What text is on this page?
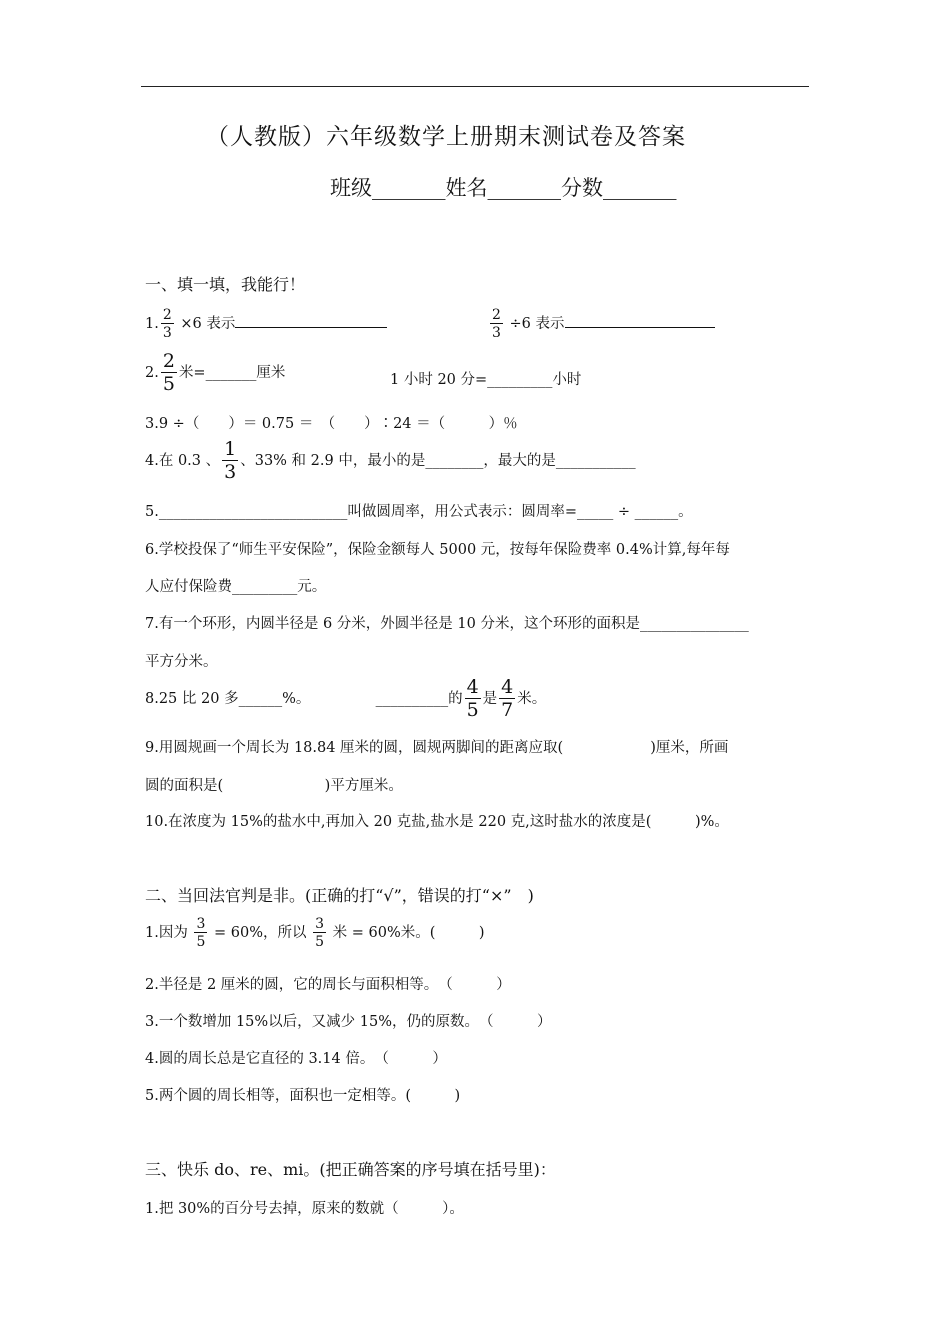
（人教版）六年级数学上册期末测试卷及答案
班级_______姓名_______分数_______
一、填一填，我能行！
1. $\frac{2}{3} \times 6$ 表示	$\frac{2}{3} \div 6$ 表示
2. $\frac{2}{5}$ 米=_______厘米	1 小时 20 分=_________小时
3.9 ÷（　　）＝ 0.75 ＝　（　　）∶24 ＝（　　　）％
4.在 0.3 、 $\frac{1}{3}$ 、33% 和 2.9 中，最小的是________，最大的是___________
5.__________________________叫做圆周率，用公式表示：圆周率=_____ ÷ ______。
6.学校投保了“师生平安保险”，保险金额每人 5000 元，按每年保险费率 0.4%计算,每年每
人应付保险费_________元。
7.有一个环形，内圆半径是 6 分米，外圆半径是 10 分米，这个环形的面积是_______________
平方分米。
8.25 比 20 多______%。	__________的 $\frac{4}{5}$ 是 $\frac{4}{7}$ 米。
9.用圆规画一个周长为 18.84 厘米的圆，圆规两脚间的距离应取(　　　　　　)厘米，所画
圆的面积是(　　　　　　　)平方厘米。
10.在浓度为 15%的盐水中,再加入 20 克盐,盐水是 220 克,这时盐水的浓度是(　　　)%。
二、当回法官判是非。(正确的打“√”，错误的打“×”　)
1.因为 $\frac{3}{5} = 60\%$，所以 $\frac{3}{5}$ 米 = 60%米。(　　　)
2.半径是 2 厘米的圆，它的周长与面积相等。　（　　　）
3.一个数增加 15%以后，又减少 15%，仍的原数。　（　　　）
4.圆的周长总是它直径的 3.14 倍。　（　　　）
5.两个圆的周长相等，面积也一定相等。(　　　)
三、快乐 do、re、mi。(把正确答案的序号填在括号里)：
1.把 30%的百分号去掉，原来的数就（　　　）。
